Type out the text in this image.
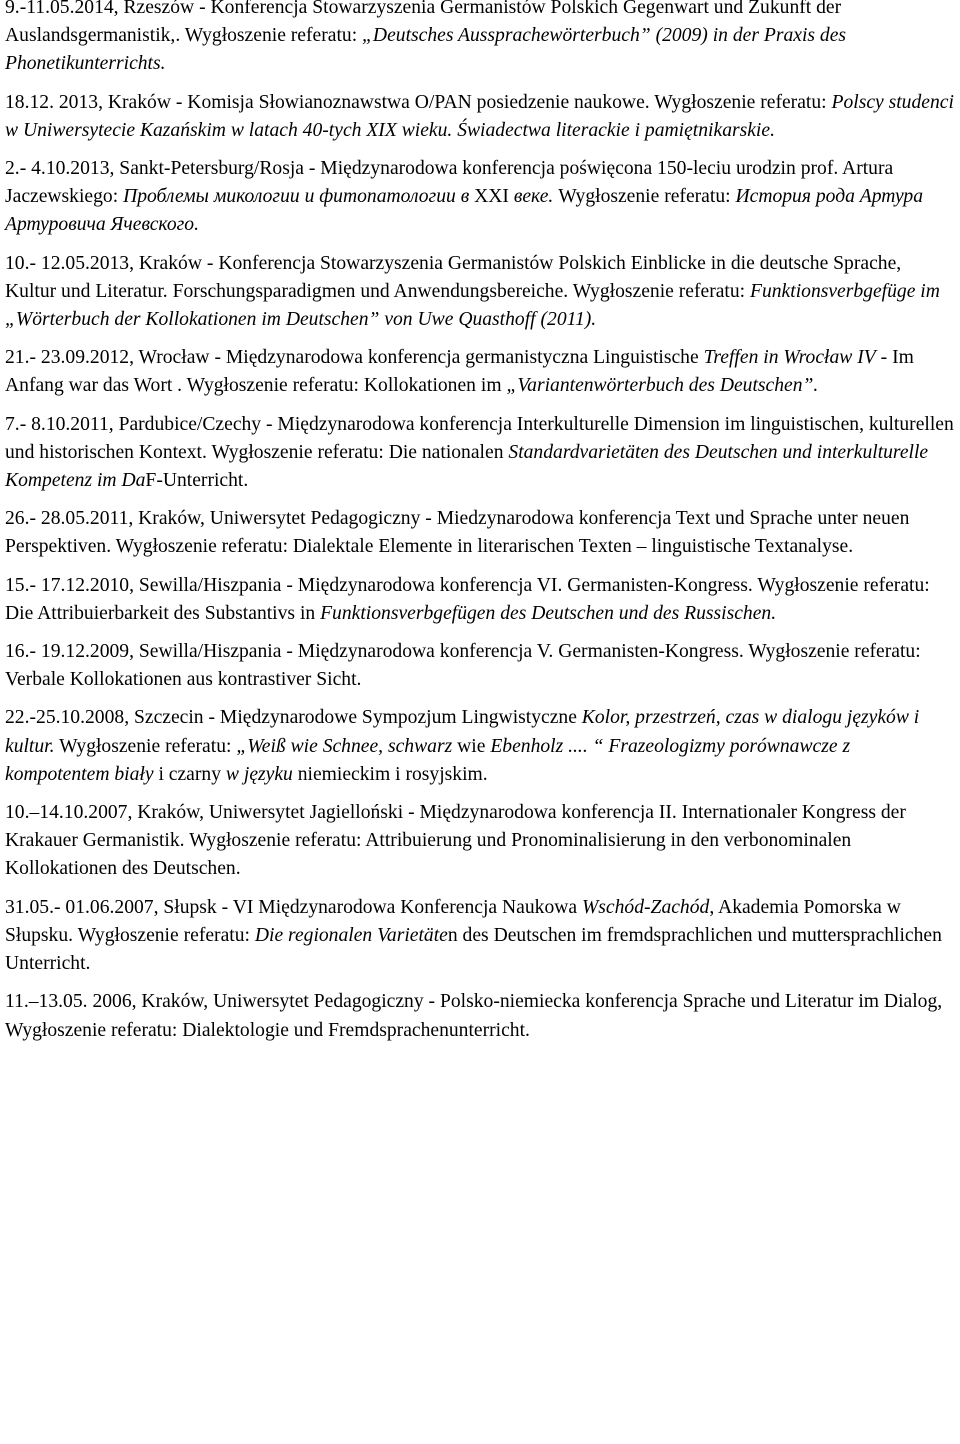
9.-11.05.2014, Rzeszów - Konferencja Stowarzyszenia Germanistów Polskich Gegenwart und Zukunft der Auslandsgermanistik,. Wygłoszenie referatu: „Deutsches Aussprachewörterbuch” (2009) in der Praxis des Phonetikunterrichts.

18.12. 2013, Kraków - Komisja Słowianoznawstwa O/PAN posiedzenie naukowe. Wygłoszenie referatu: Polscy studenci w Uniwersytecie Kazańskim w latach 40-tych XIX wieku. Świadectwa literackie i pamiętnikarskie.

2.- 4.10.2013, Sankt-Petersburg/Rosja - Międzynarodowa konferencja poświęcona 150-leciu urodzin prof. Artura Jaczewskiego: Проблемы микологии и фитопатологии в XXI веке. Wygłoszenie referatu: История рода Артура Артуровича Ячевского.

10.- 12.05.2013, Kraków - Konferencja Stowarzyszenia Germanistów Polskich Einblicke in die deutsche Sprache, Kultur und Literatur. Forschungsparadigmen und Anwendungsbereiche. Wygłoszenie referatu: Funktionsverbgefüge im „Wörterbuch der Kollokationen im Deutschen” von Uwe Quasthoff (2011).

21.- 23.09.2012, Wrocław - Międzynarodowa konferencja germanistyczna Linguistische Treffen in Wrocław IV - Im Anfang war das Wort . Wygłoszenie referatu: Kollokationen im „Variantenwörterbuch des Deutschen”.

7.- 8.10.2011, Pardubice/Czechy - Międzynarodowa konferencja Interkulturelle Dimension im linguistischen, kulturellen und historischen Kontext. Wygłoszenie referatu: Die nationalen Standardvarietäten des Deutschen und interkulturelle Kompetenz im DaF-Unterricht.

26.- 28.05.2011, Kraków, Uniwersytet Pedagogiczny - Miedzynarodowa konferencja Text und Sprache unter neuen Perspektiven. Wygłoszenie referatu: Dialektale Elemente in literarischen Texten – linguistische Textanalyse.

15.- 17.12.2010, Sewilla/Hiszpania - Międzynarodowa konferencja VI. Germanisten-Kongress. Wygłoszenie referatu: Die Attribuierbarkeit des Substantivs in Funktionsverbgefügen des Deutschen und des Russischen.

16.- 19.12.2009, Sewilla/Hiszpania - Międzynarodowa konferencja V. Germanisten-Kongress. Wygłoszenie referatu: Verbale Kollokationen aus kontrastiver Sicht.

22.-25.10.2008, Szczecin - Międzynarodowe Sympozjum Lingwistyczne Kolor, przestrzeń, czas w dialogu języków i kultur. Wygłoszenie referatu: „Weiß wie Schnee, schwarz wie Ebenholz .... “ Frazeologizmy porównawcze z kompotentem biały i czarny w języku niemieckim i rosyjskim.

10.–14.10.2007, Kraków, Uniwersytet Jagielloński - Międzynarodowa konferencja II. Internationaler Kongress der Krakauer Germanistik. Wygłoszenie referatu: Attribuierung und Pronominalisierung in den verbonominalen Kollokationen des Deutschen.

31.05.- 01.06.2007, Słupsk - VI Międzynarodowa Konferencja Naukowa Wschód-Zachód, Akademia Pomorska w Słupsku. Wygłoszenie referatu: Die regionalen Varietäten des Deutschen im fremdsprachlichen und muttersprachlichen Unterricht.

11.–13.05. 2006, Kraków, Uniwersytet Pedagogiczny - Polsko-niemiecka konferencja Sprache und Literatur im Dialog, Wygłoszenie referatu: Dialektologie und Fremdsprachenunterricht.
